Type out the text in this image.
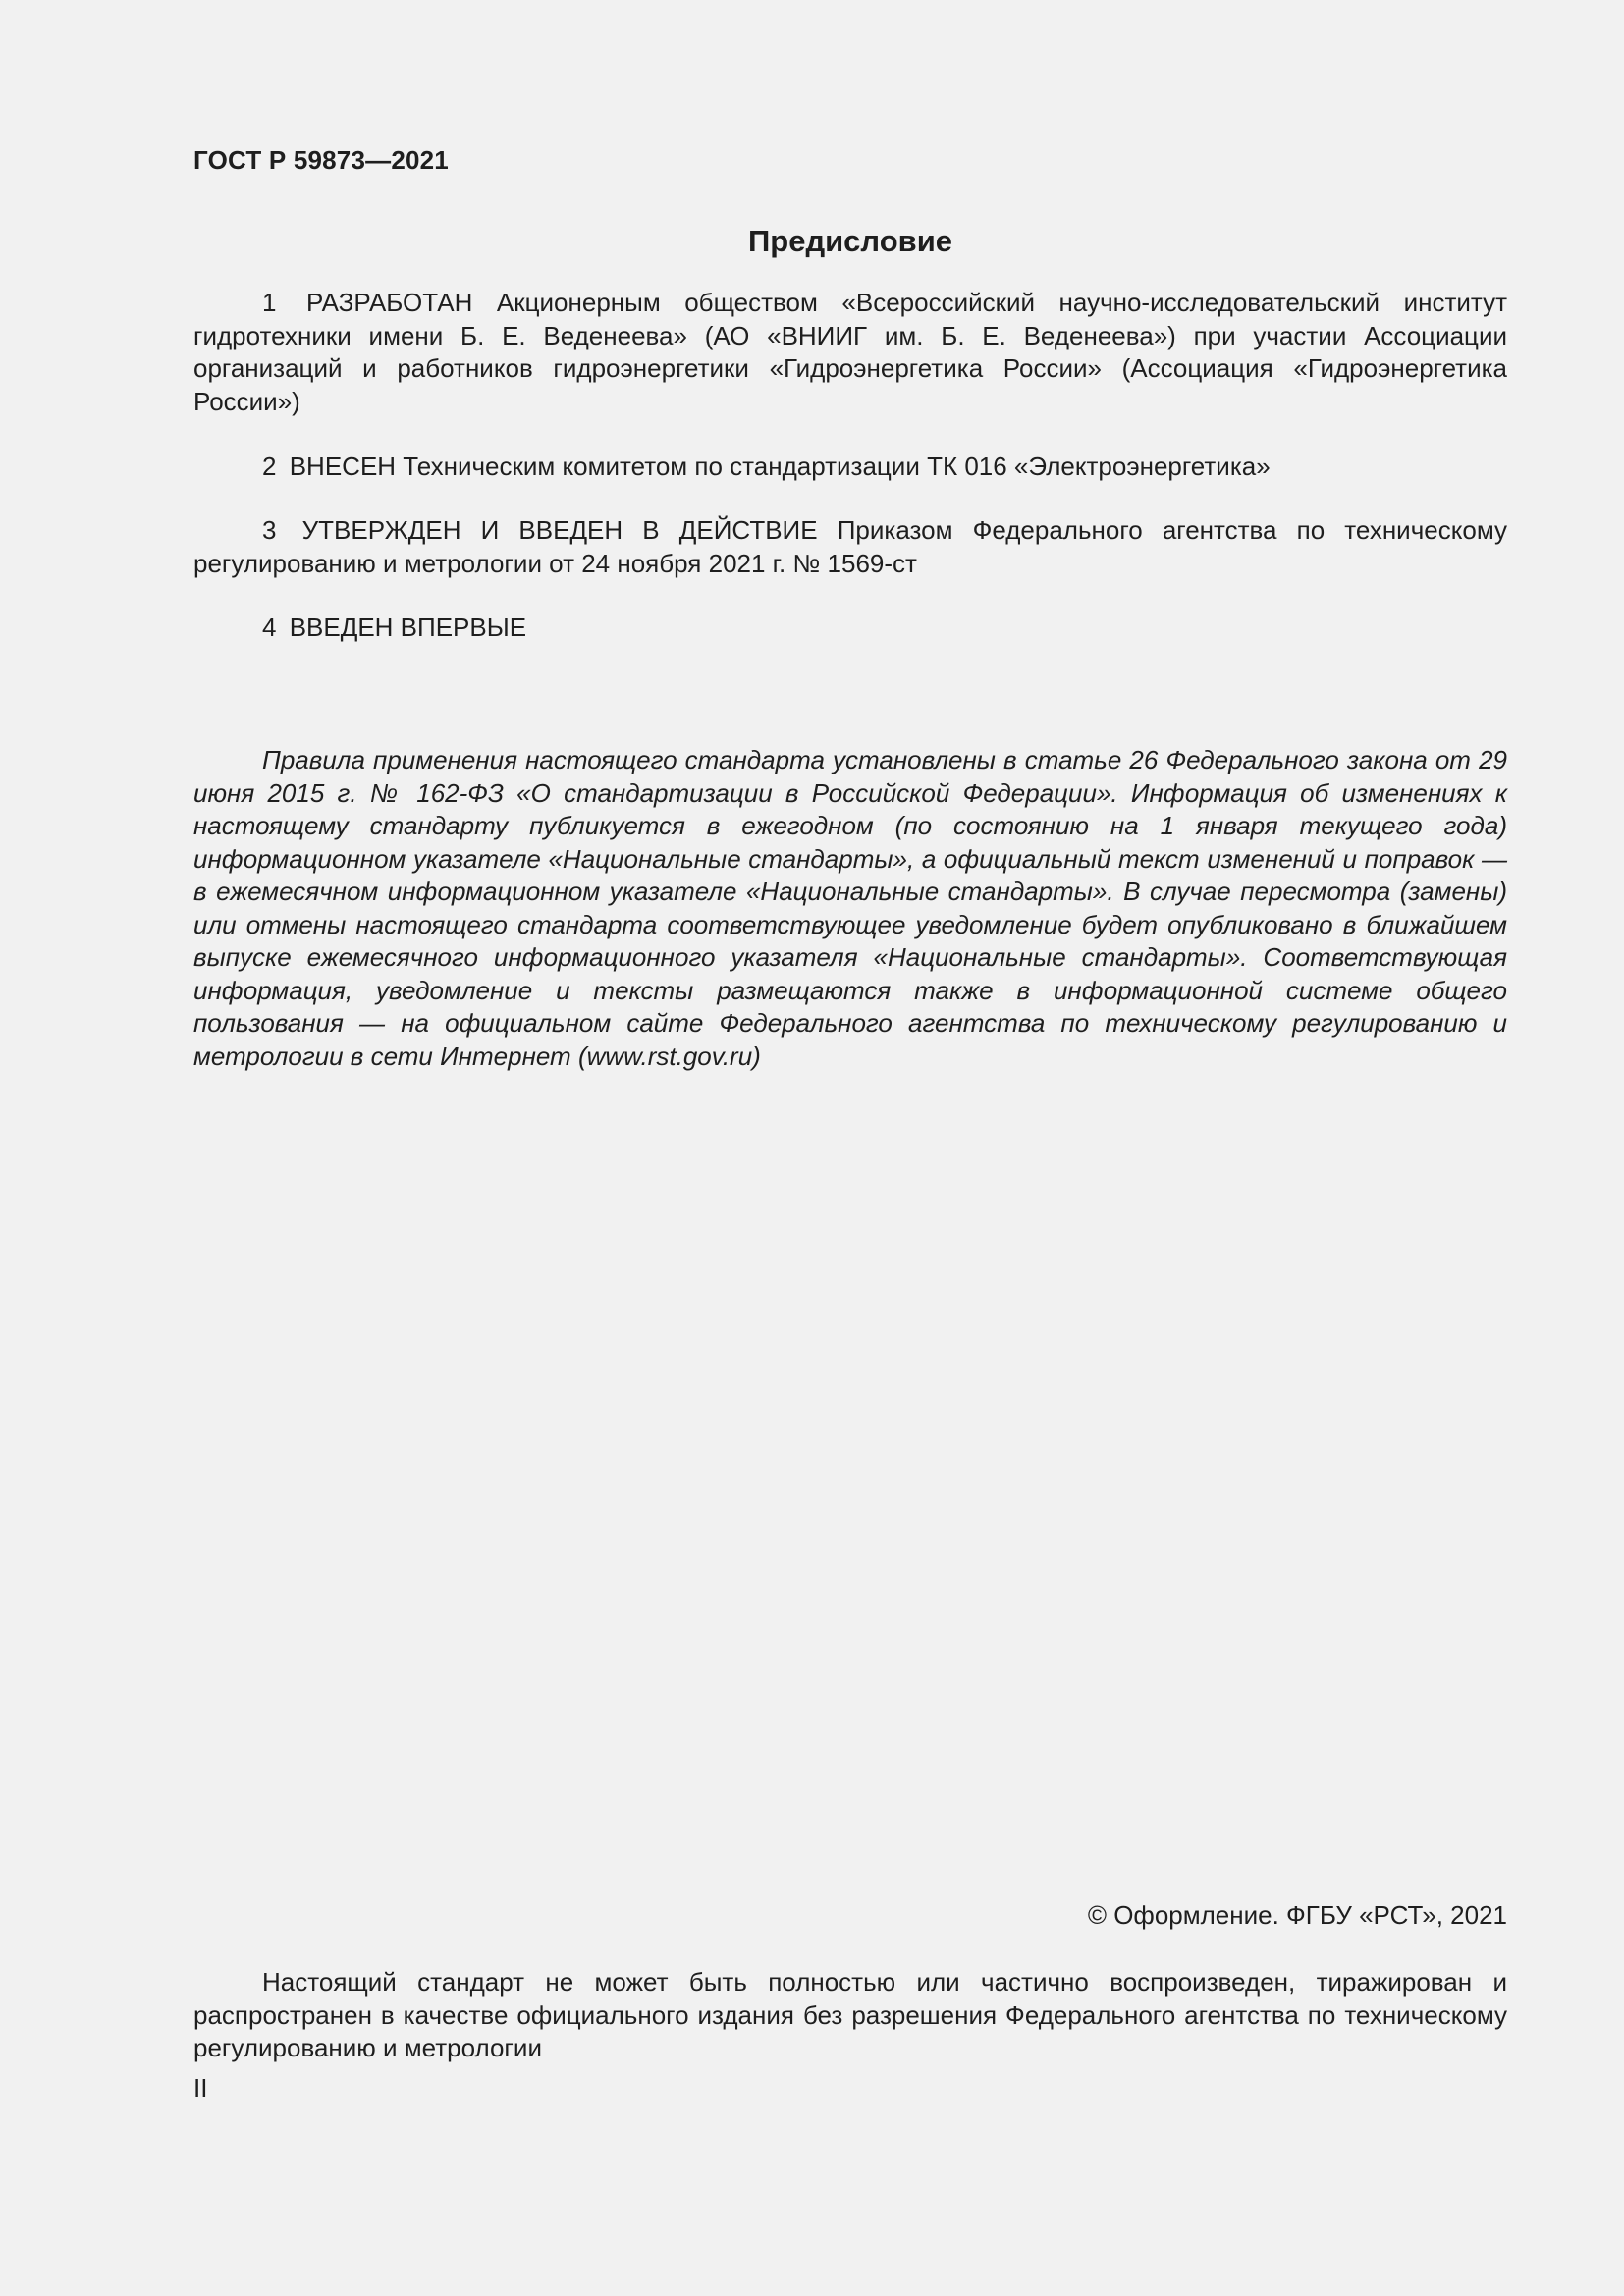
ГОСТ Р 59873—2021
Предисловие

1 РАЗРАБОТАН Акционерным обществом «Всероссийский научно-исследовательский институт гидротехники имени Б. Е. Веденеева» (АО «ВНИИГ им. Б. Е. Веденеева») при участии Ассоциации организаций и работников гидроэнергетики «Гидроэнергетика России» (Ассоциация «Гидроэнергетика России»)

2 ВНЕСЕН Техническим комитетом по стандартизации ТК 016 «Электроэнергетика»

3 УТВЕРЖДЕН И ВВЕДЕН В ДЕЙСТВИЕ Приказом Федерального агентства по техническому регулированию и метрологии от 24 ноября 2021 г. № 1569-ст

4 ВВЕДЕН ВПЕРВЫЕ

Правила применения настоящего стандарта установлены в статье 26 Федерального закона от 29 июня 2015 г. № 162-ФЗ «О стандартизации в Российской Федерации». Информация об изменениях к настоящему стандарту публикуется в ежегодном (по состоянию на 1 января текущего года) информационном указателе «Национальные стандарты», а официальный текст изменений и поправок — в ежемесячном информационном указателе «Национальные стандарты». В случае пересмотра (замены) или отмены настоящего стандарта соответствующее уведомление будет опубликовано в ближайшем выпуске ежемесячного информационного указателя «Национальные стандарты». Соответствующая информация, уведомление и тексты размещаются также в информационной системе общего пользования — на официальном сайте Федерального агентства по техническому регулированию и метрологии в сети Интернет (www.rst.gov.ru)

© Оформление. ФГБУ «РСТ», 2021

Настоящий стандарт не может быть полностью или частично воспроизведен, тиражирован и распространен в качестве официального издания без разрешения Федерального агентства по техническому регулированию и метрологии

II
